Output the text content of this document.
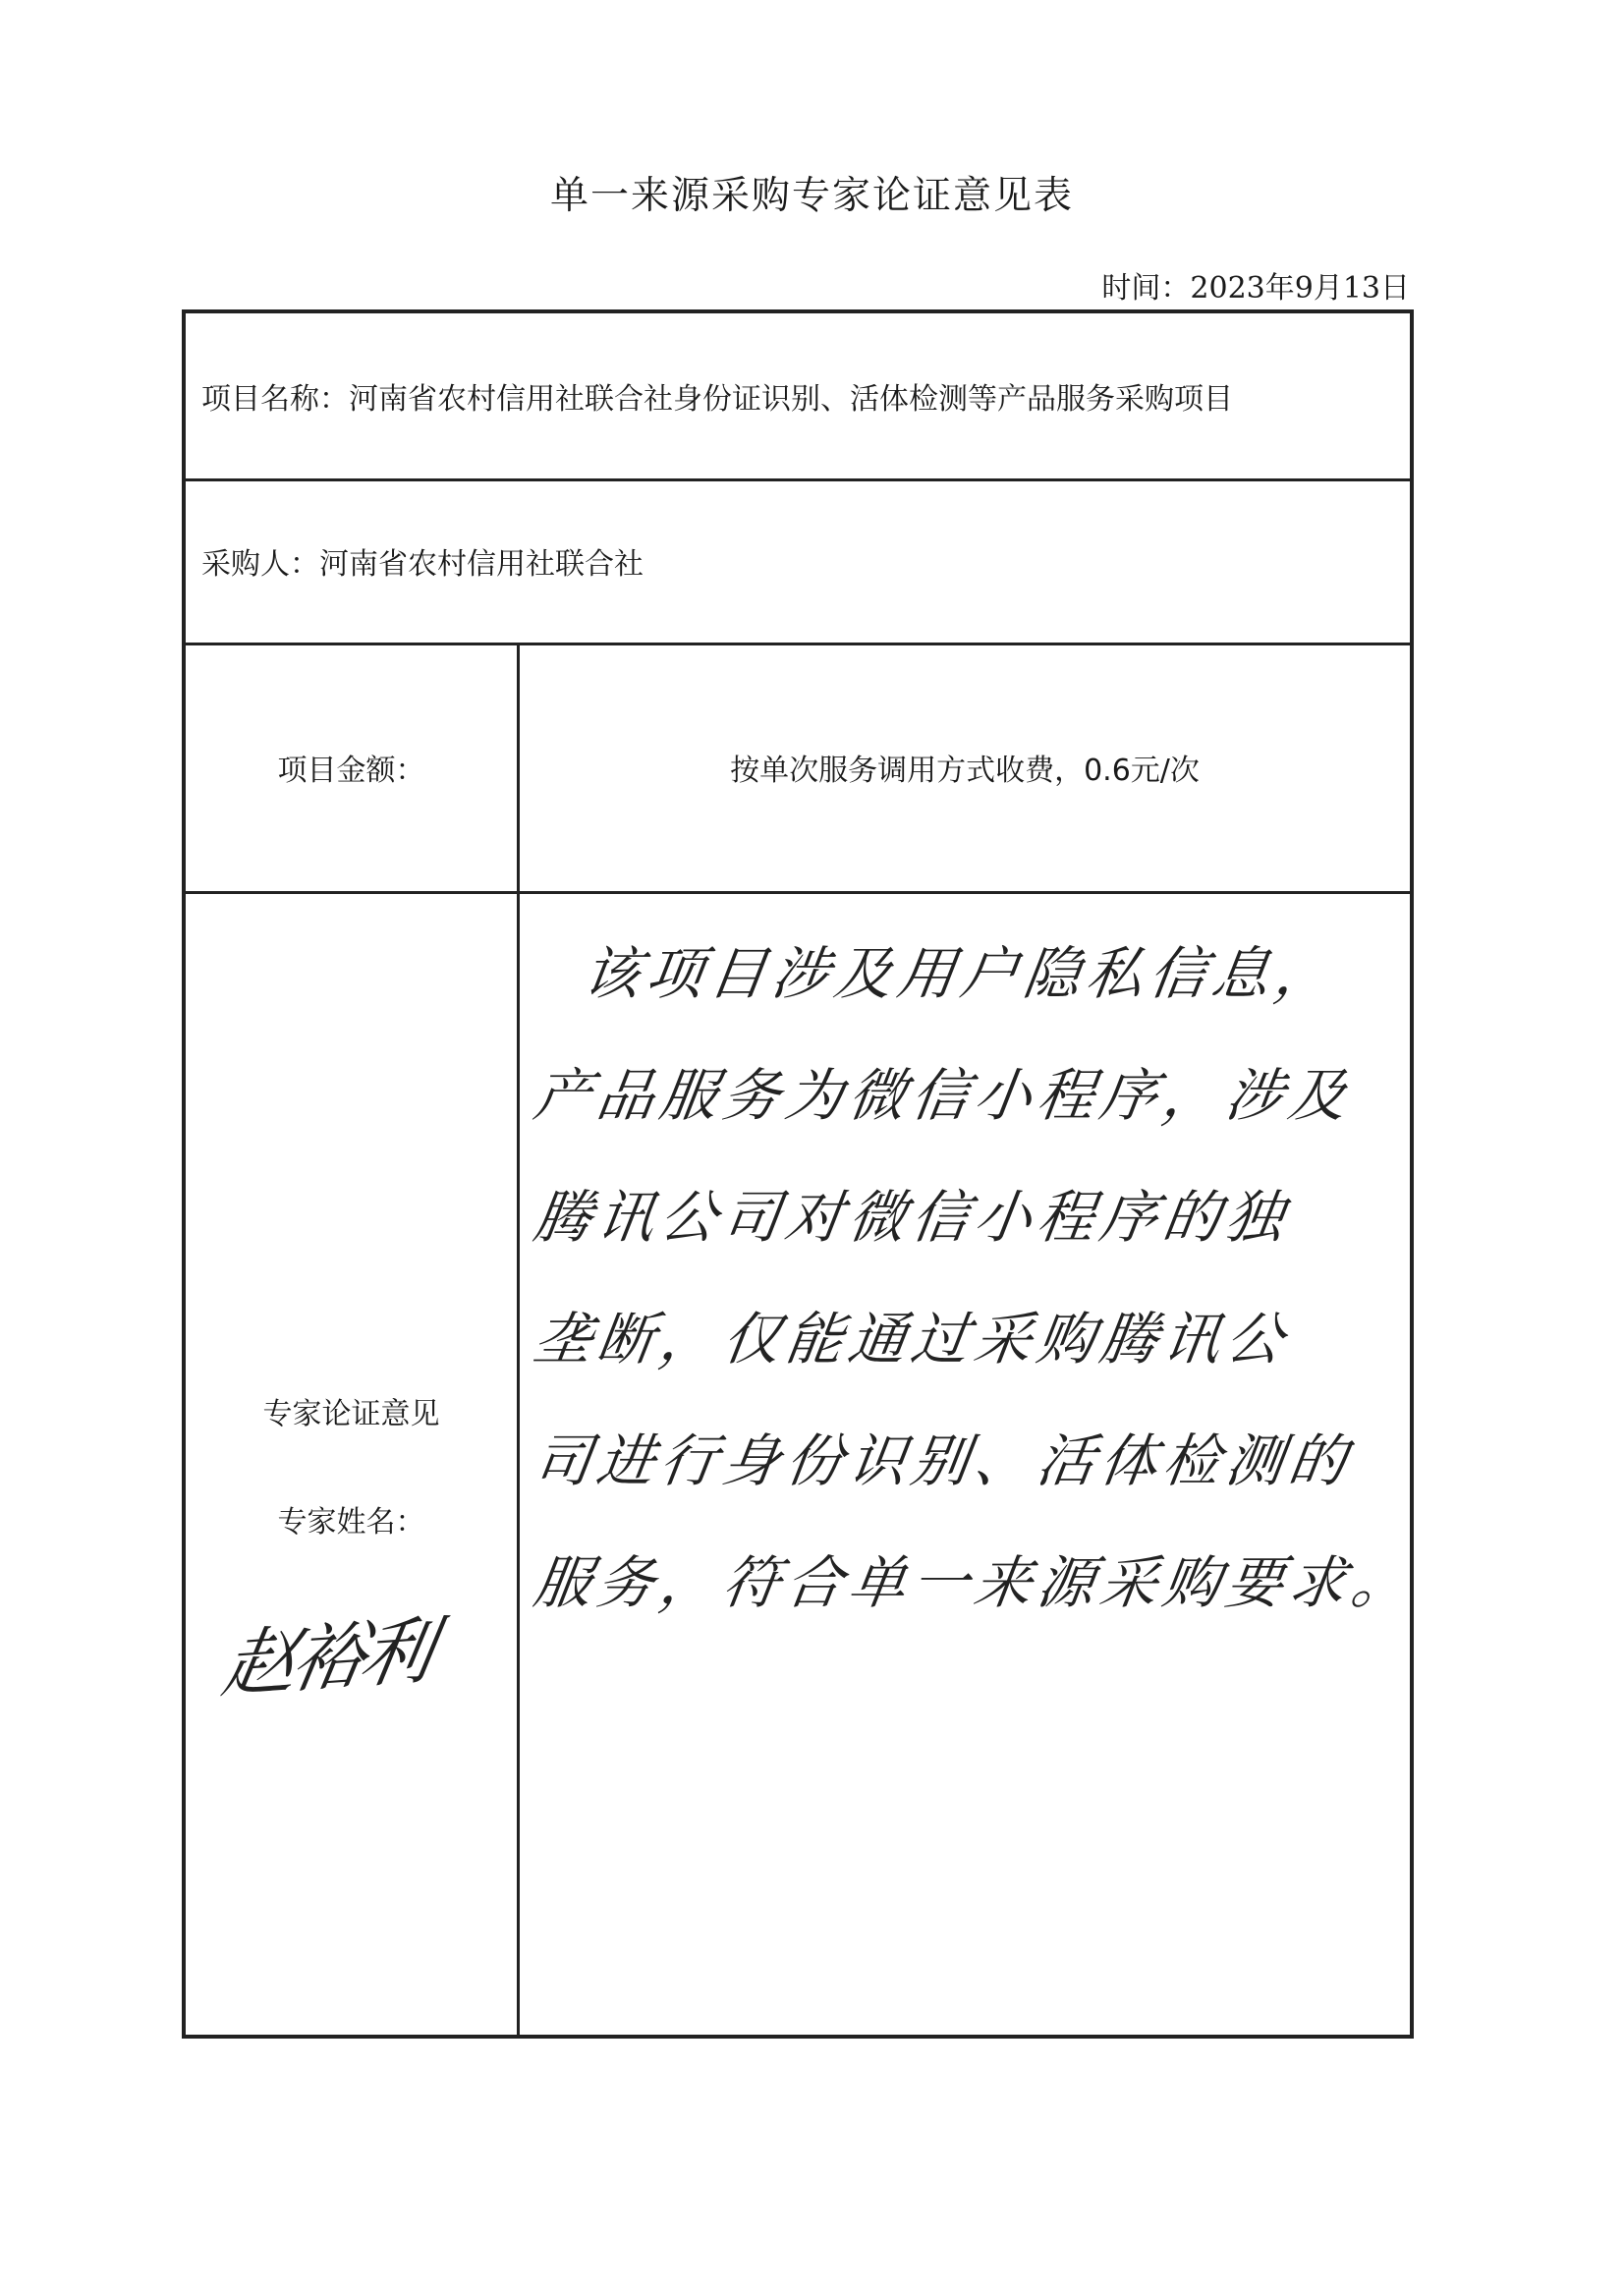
单一来源采购专家论证意见表
时间：2023年9月13日
项目名称：河南省农村信用社联合社身份证识别、活体检测等产品服务采购项目
采购人：河南省农村信用社联合社
项目金额：	按单次服务调用方式收费，0.6元/次
专家论证意见
专家姓名：
赵裕利
该项目涉及用户隐私信息，
产品服务为微信小程序，涉及
腾讯公司对微信小程序的独
垄断，仅能通过采购腾讯公
司进行身份识别、活体检测的
服务，符合单一来源采购要求。
